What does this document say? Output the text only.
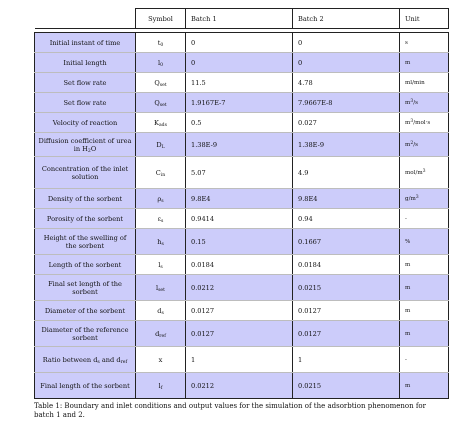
	Symbol	Batch 1	Batch 2	Unit

Initial instant of time	$t_0$	0	0	s
Initial length	$l_0$	0	0	m
Set flow rate	$Q_{set}$	11.5	4.78	ml/min
Set flow rate	$Q_{set}$	1.9167E-7	7.9667E-8	$m^3/s$
Velocity of reaction	$K_{ads}$	0.5	0.027	$m^3/mol\cdot s$
Diffusion coefficient of urea in $H_2O$	$D_L$	1.38E-9	1.38E-9	$m^2/s$
Concentration of the inlet solution	$C_{in}$	5.07	4.9	mol/$m^3$
Density of the sorbent	$\rho_s$	9.8E4	9.8E4	$g/m^3$
Porosity of the sorbent	$\varepsilon_s$	0.9414	0.94	-
Height of the swelling of the sorbent	$h_s$	0.15	0.1667	%
Length of the sorbent	$l_s$	0.0184	0.0184	m
Final set length of the sorbent	$l_{set}$	0.0212	0.0215	m
Diameter of the sorbent	$d_s$	0.0127	0.0127	m
Diameter of the reference sorbent	$d_{ref}$	0.0127	0.0127	m
Ratio between $d_s$ and $d_{ref}$	x	1	1	-
Final length of the sorbent	$l_f$	0.0212	0.0215	m
Table 1: Boundary and inlet conditions and output values for the simulation of the adsorbtion phenomenon for batch 1 and 2.
